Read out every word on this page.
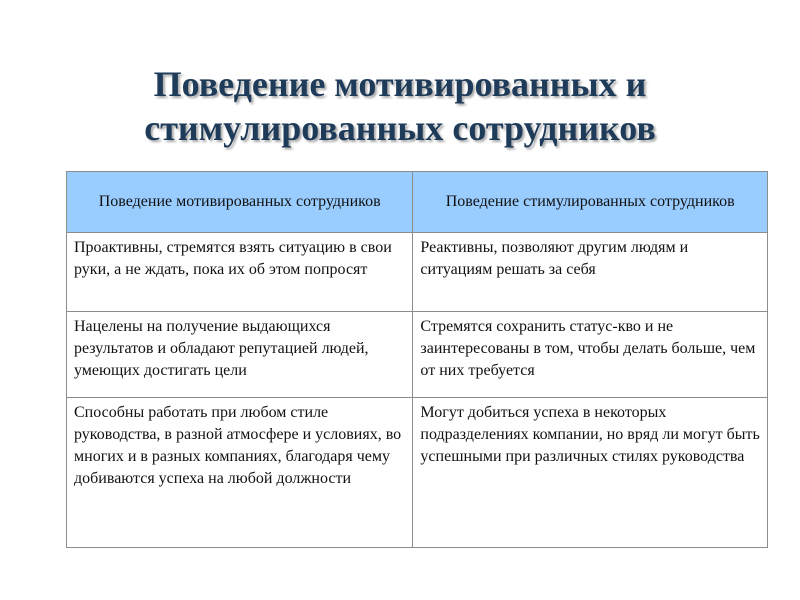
Поведение мотивированных и
стимулированных сотрудников
Поведение мотивированных сотрудников	Поведение стимулированных сотрудников
Проактивны, стремятся взять ситуацию в свои руки, а не ждать, пока их об этом попросят	Реактивны, позволяют другим людям и ситуациям решать за себя
Нацелены на получение выдающихся результатов и обладают репутацией людей, умеющих достигать цели	Стремятся сохранить статус-кво и не заинтересованы в том, чтобы делать больше, чем от них требуется
Способны работать при любом стиле руководства, в разной атмосфере и условиях, во многих и в разных компаниях, благодаря чему добиваются успеха на любой должности	Могут добиться успеха в некоторых подразделениях компании, но вряд ли могут быть успешными при различных стилях руководства
